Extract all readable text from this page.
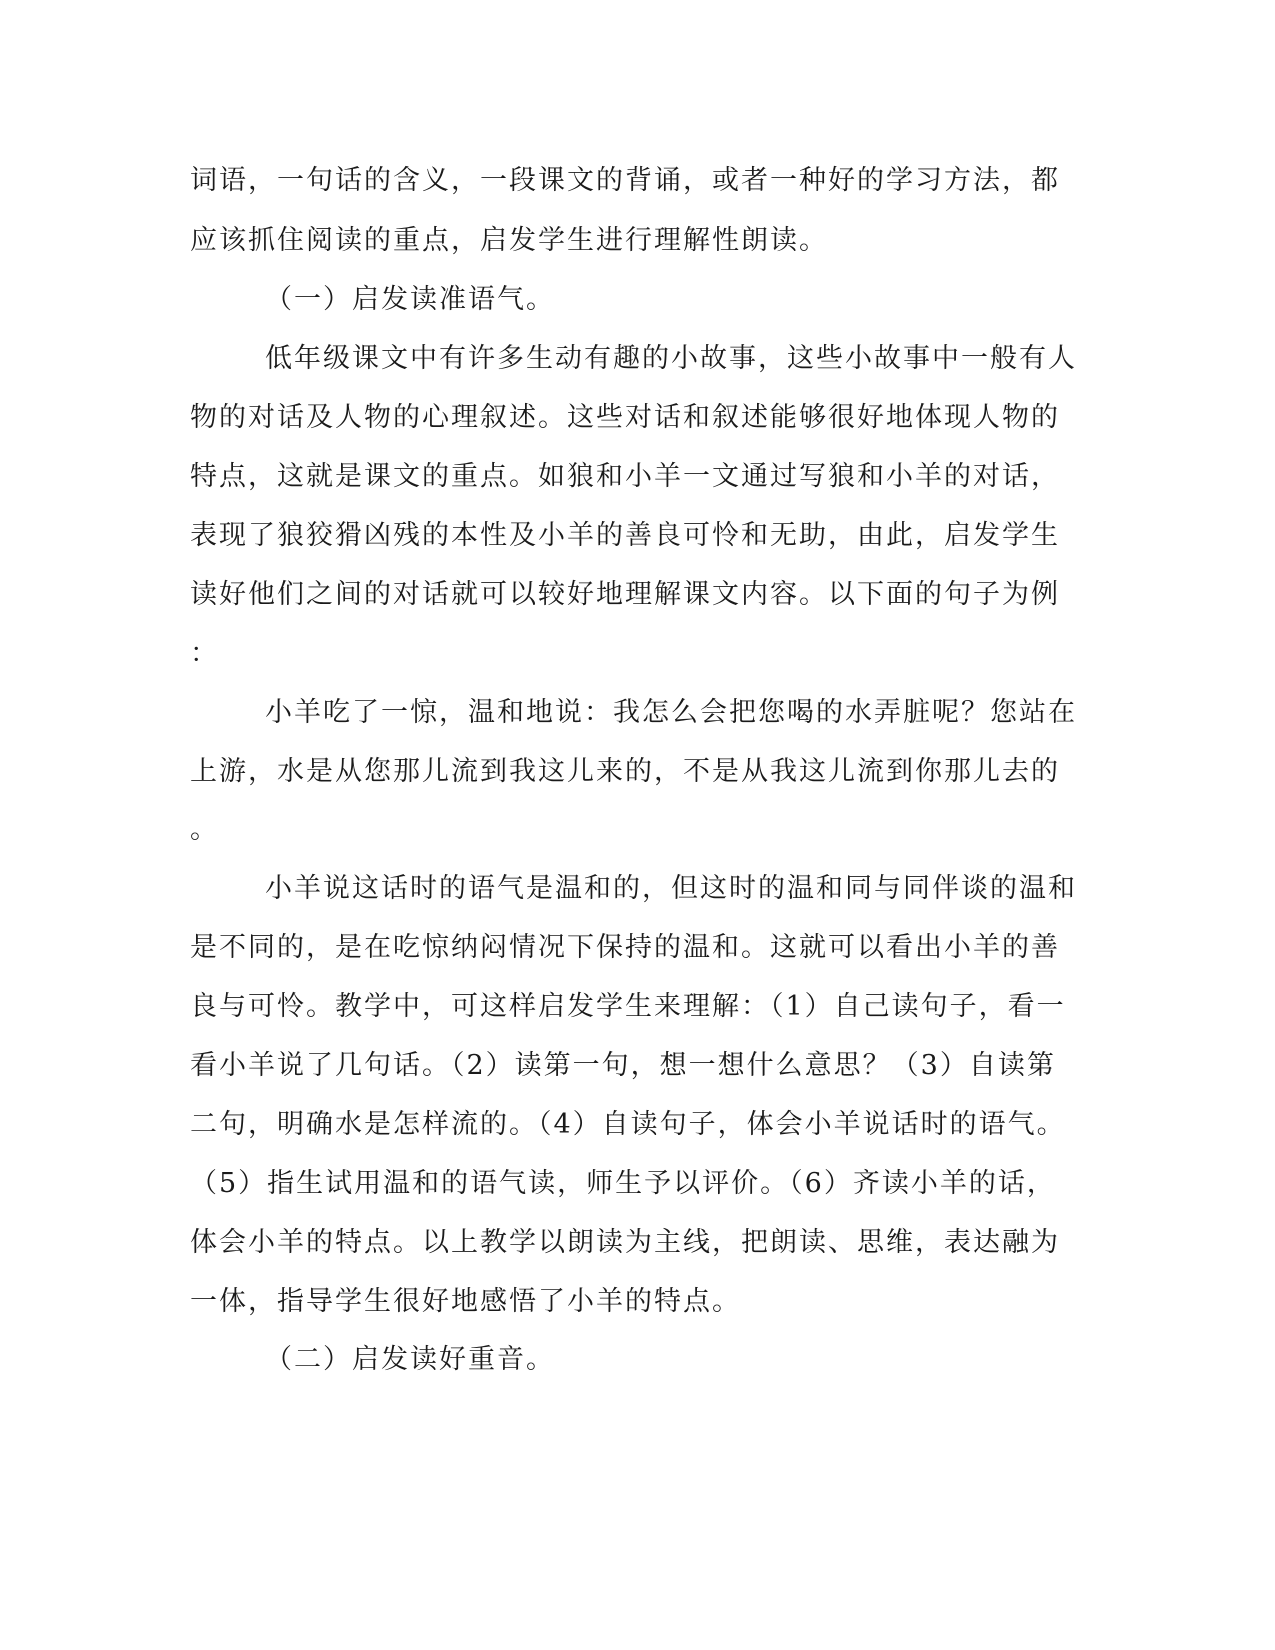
词语，一句话的含义，一段课文的背诵，或者一种好的学习方法，都
应该抓住阅读的重点，启发学生进行理解性朗读。
（一）启发读准语气。
低年级课文中有许多生动有趣的小故事，这些小故事中一般有人
物的对话及人物的心理叙述。这些对话和叙述能够很好地体现人物的
特点，这就是课文的重点。如狼和小羊一文通过写狼和小羊的对话，
表现了狼狡猾凶残的本性及小羊的善良可怜和无助，由此，启发学生
读好他们之间的对话就可以较好地理解课文内容。以下面的句子为例
：
小羊吃了一惊，温和地说：我怎么会把您喝的水弄脏呢？您站在
上游，水是从您那儿流到我这儿来的，不是从我这儿流到你那儿去的
。
小羊说这话时的语气是温和的，但这时的温和同与同伴谈的温和
是不同的，是在吃惊纳闷情况下保持的温和。这就可以看出小羊的善
良与可怜。教学中，可这样启发学生来理解：（1）自己读句子，看一
看小羊说了几句话。（2）读第一句，想一想什么意思？（3）自读第
二句，明确水是怎样流的。（4）自读句子，体会小羊说话时的语气。
（5）指生试用温和的语气读，师生予以评价。（6）齐读小羊的话，
体会小羊的特点。以上教学以朗读为主线，把朗读、思维，表达融为
一体，指导学生很好地感悟了小羊的特点。
（二）启发读好重音。
